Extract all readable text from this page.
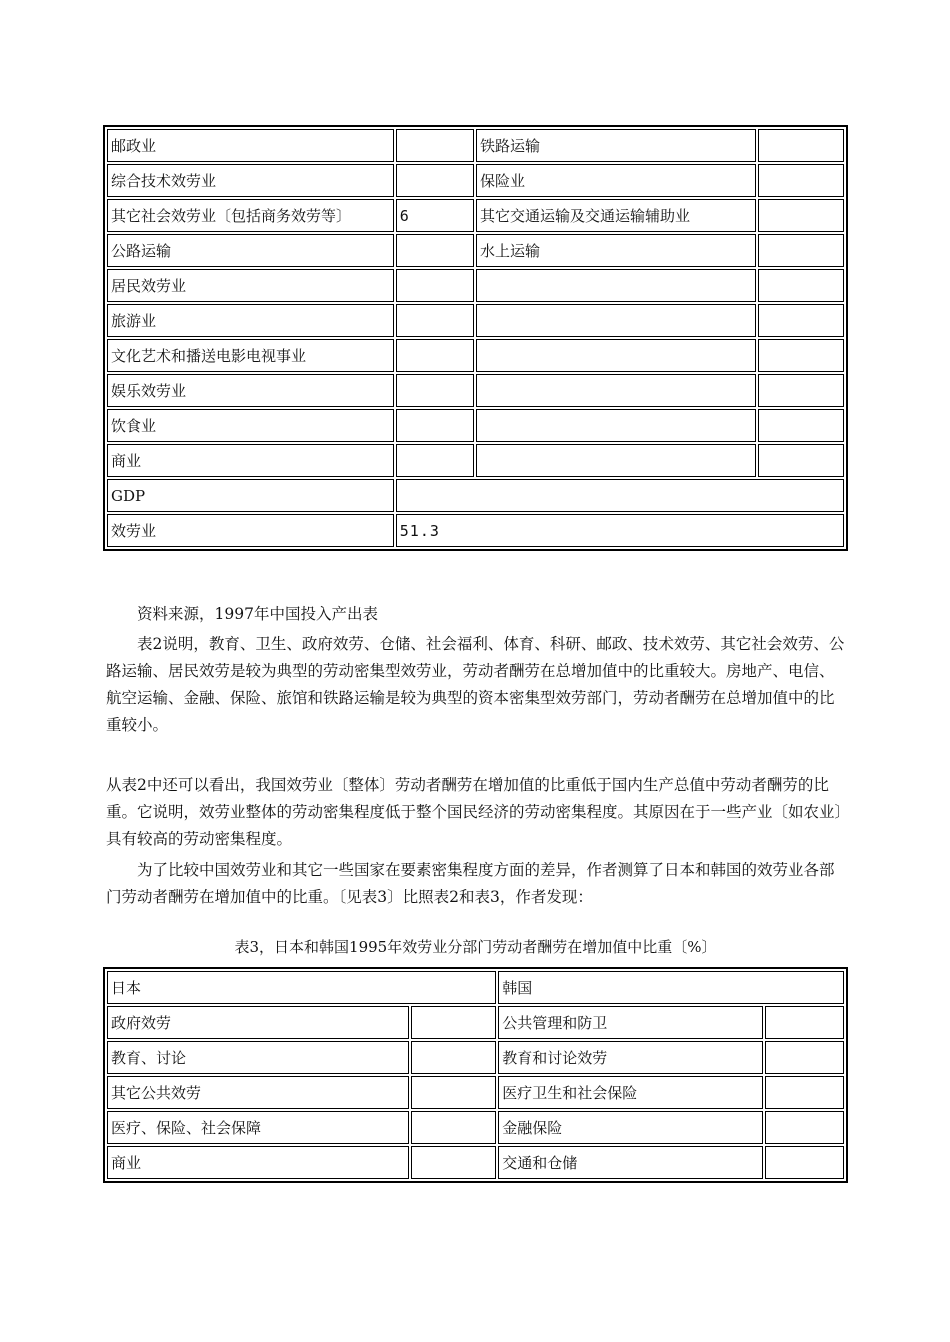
邮政业		铁路运输	
综合技术效劳业		保险业	
其它社会效劳业〔包括商务效劳等〕	6	其它交通运输及交通运输辅助业	
公路运输		水上运输	
居民效劳业			
旅游业			
文化艺术和播送电影电视事业			
娱乐效劳业			
饮食业			
商业			
GDP			
效劳业	51.3		

资料来源，1997年中国投入产出表

表2说明，教育、卫生、政府效劳、仓储、社会福利、体育、科研、邮政、技术效劳、其它社会效劳、公路运输、居民效劳是较为典型的劳动密集型效劳业，劳动者酬劳在总增加值中的比重较大。房地产、电信、航空运输、金融、保险、旅馆和铁路运输是较为典型的资本密集型效劳部门，劳动者酬劳在总增加值中的比重较小。

从表2中还可以看出，我国效劳业〔整体〕劳动者酬劳在增加值的比重低于国内生产总值中劳动者酬劳的比重。它说明，效劳业整体的劳动密集程度低于整个国民经济的劳动密集程度。其原因在于一些产业〔如农业〕具有较高的劳动密集程度。

为了比较中国效劳业和其它一些国家在要素密集程度方面的差异，作者测算了日本和韩国的效劳业各部门劳动者酬劳在增加值中的比重。〔见表3〕比照表2和表3，作者发现：

表3，日本和韩国1995年效劳业分部门劳动者酬劳在增加值中比重〔%〕

日本		韩国	
政府效劳		公共管理和防卫	
教育、讨论		教育和讨论效劳	
其它公共效劳		医疗卫生和社会保险	
医疗、保险、社会保障		金融保险	
商业		交通和仓储	
